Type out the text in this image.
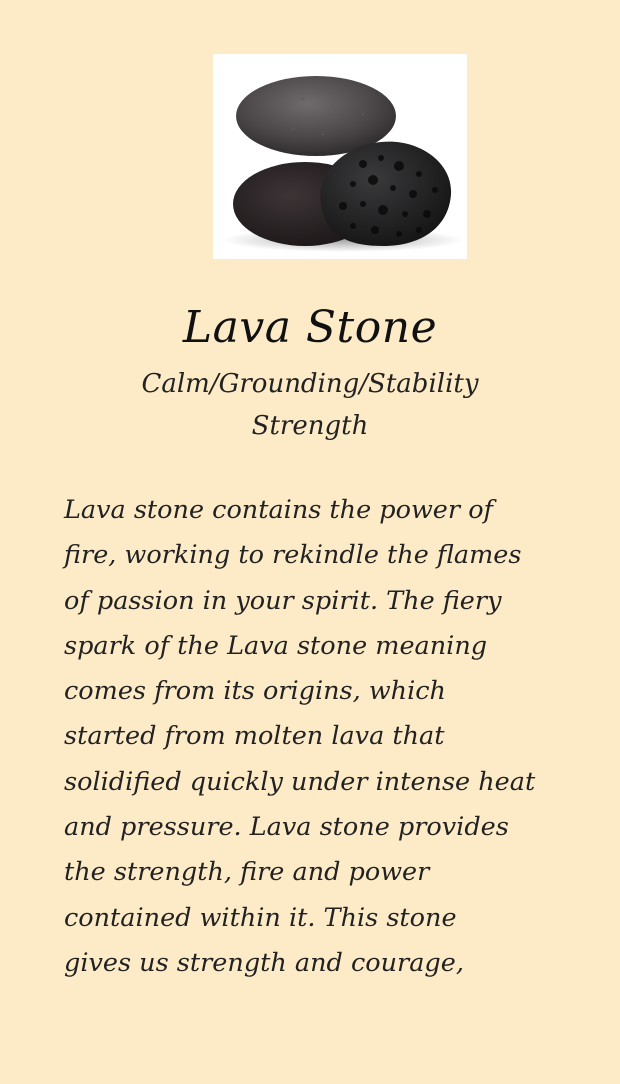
Lava Stone
Calm/Grounding/Stability
Strength
Lava stone contains the power of
fire, working to rekindle the flames
of passion in your spirit. The fiery
spark of the Lava stone meaning
comes from its origins, which
started from molten lava that
solidified quickly under intense heat
and pressure. Lava stone provides
the strength, fire and power
contained within it. This stone
gives us strength and courage,
